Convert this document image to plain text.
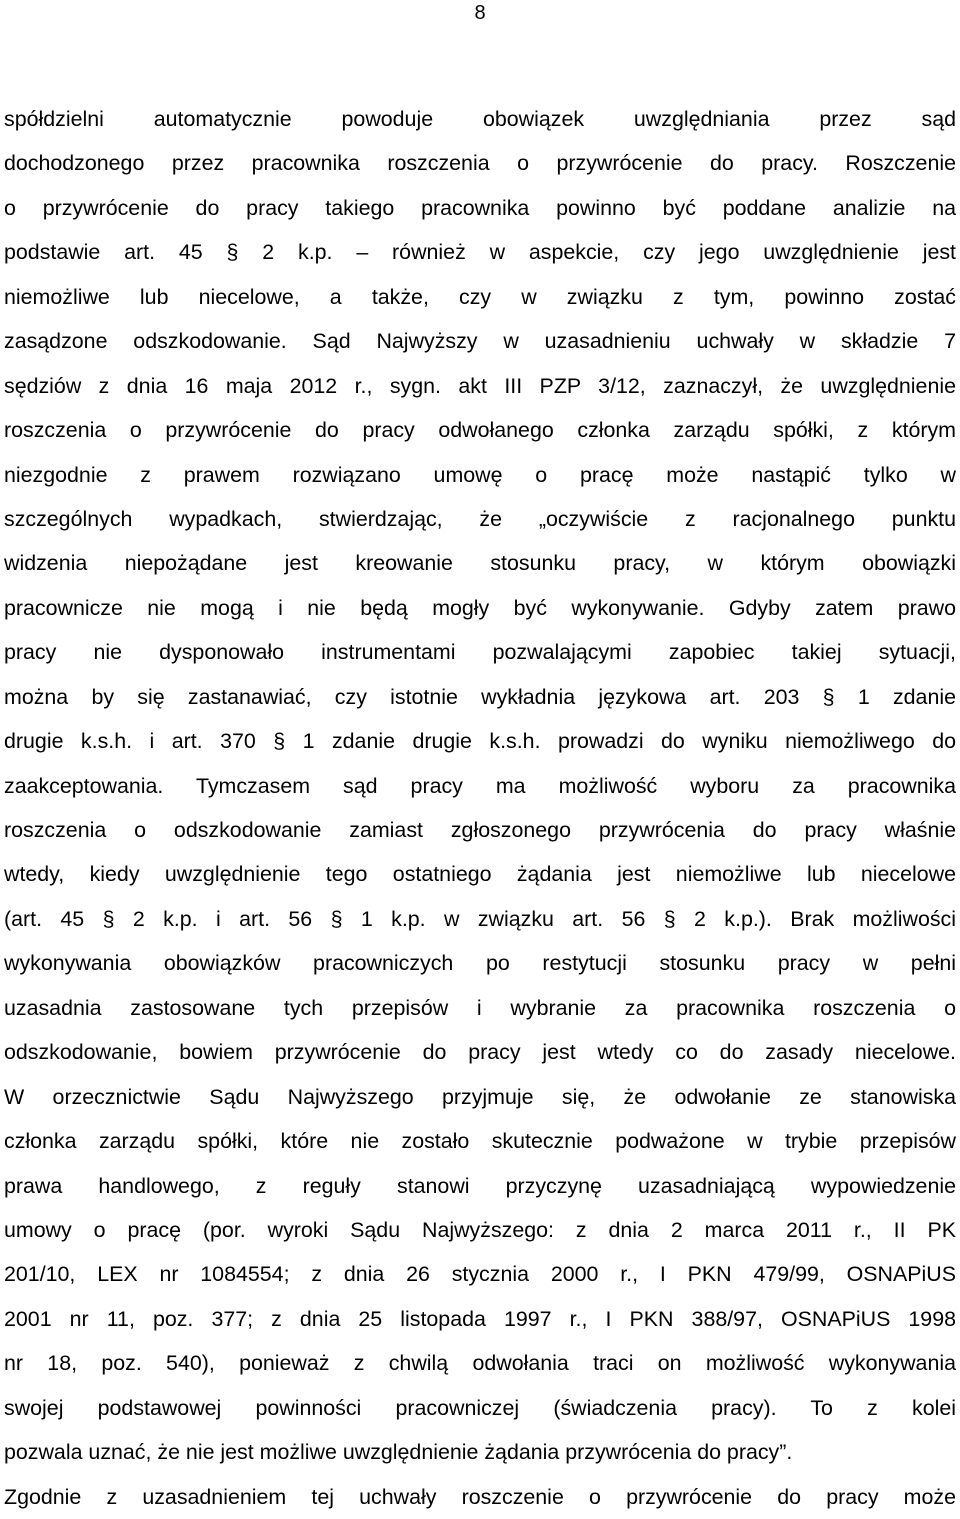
8
spółdzielni automatycznie powoduje obowiązek uwzględniania przez sąd
dochodzonego przez pracownika roszczenia o przywrócenie do pracy. Roszczenie
o przywrócenie do pracy takiego pracownika powinno być poddane analizie na
podstawie art. 45 § 2 k.p. – również w aspekcie, czy jego uwzględnienie jest
niemożliwe lub niecelowe, a także, czy w związku z tym, powinno zostać
zasądzone odszkodowanie. Sąd Najwyższy w uzasadnieniu uchwały w składzie 7
sędziów z dnia 16 maja 2012 r., sygn. akt III PZP 3/12, zaznaczył, że uwzględnienie
roszczenia o przywrócenie do pracy odwołanego członka zarządu spółki, z którym
niezgodnie z prawem rozwiązano umowę o pracę może nastąpić tylko w
szczególnych wypadkach, stwierdzając, że „oczywiście z racjonalnego punktu
widzenia niepożądane jest kreowanie stosunku pracy, w którym obowiązki
pracownicze nie mogą i nie będą mogły być wykonywanie. Gdyby zatem prawo
pracy nie dysponowało instrumentami pozwalającymi zapobiec takiej sytuacji,
można by się zastanawiać, czy istotnie wykładnia językowa art. 203 § 1 zdanie
drugie k.s.h. i art. 370 § 1 zdanie drugie k.s.h. prowadzi do wyniku niemożliwego do
zaakceptowania. Tymczasem sąd pracy ma możliwość wyboru za pracownika
roszczenia o odszkodowanie zamiast zgłoszonego przywrócenia do pracy właśnie
wtedy, kiedy uwzględnienie tego ostatniego żądania jest niemożliwe lub niecelowe
(art. 45 § 2 k.p. i art. 56 § 1 k.p. w związku art. 56 § 2 k.p.). Brak możliwości
wykonywania obowiązków pracowniczych po restytucji stosunku pracy w pełni
uzasadnia zastosowane tych przepisów i wybranie za pracownika roszczenia o
odszkodowanie, bowiem przywrócenie do pracy jest wtedy co do zasady niecelowe.
W orzecznictwie Sądu Najwyższego przyjmuje się, że odwołanie ze stanowiska
członka zarządu spółki, które nie zostało skutecznie podważone w trybie przepisów
prawa handlowego, z reguły stanowi przyczynę uzasadniającą wypowiedzenie
umowy o pracę (por. wyroki Sądu Najwyższego: z dnia 2 marca 2011 r., II PK
201/10, LEX nr 1084554; z dnia 26 stycznia 2000 r., I PKN 479/99, OSNAPiUS
2001 nr 11, poz. 377; z dnia 25 listopada 1997 r., I PKN 388/97, OSNAPiUS 1998
nr 18, poz. 540), ponieważ z chwilą odwołania traci on możliwość wykonywania
swojej podstawowej powinności pracowniczej (świadczenia pracy). To z kolei
pozwala uznać, że nie jest możliwe uwzględnienie żądania przywrócenia do pracy”.
Zgodnie z uzasadnieniem tej uchwały roszczenie o przywrócenie do pracy może
